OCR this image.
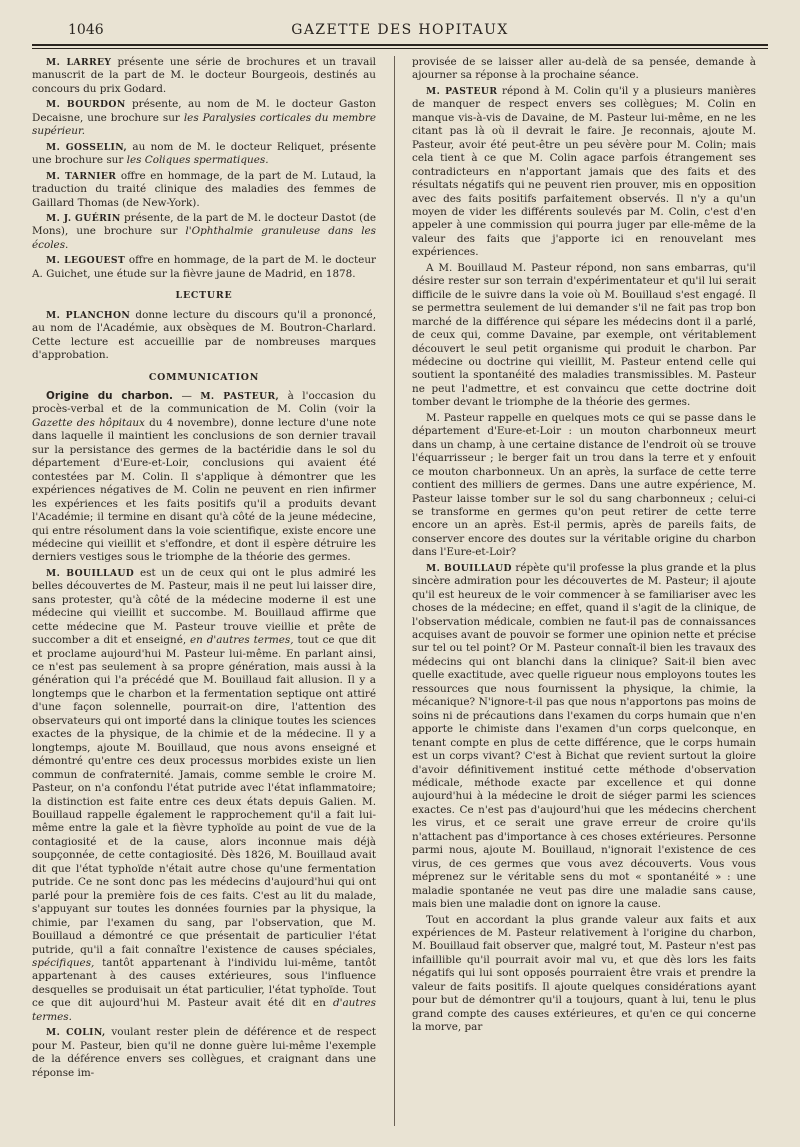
1046	GAZETTE DES HOPITAUX

M. LARREY présente une série de brochures et un travail manuscrit de la part de M. le docteur Bourgeois, destinés au concours du prix Godard.

M. BOURDON présente, au nom de M. le docteur Gaston Decaisne, une brochure sur les Paralysies corticales du membre supérieur.

M. GOSSELIN, au nom de M. le docteur Reliquet, présente une brochure sur les Coliques spermatiques.

M. TARNIER offre en hommage, de la part de M. Lutaud, la traduction du traité clinique des maladies des femmes de Gaillard Thomas (de New-York).

M. J. GUÉRIN présente, de la part de M. le docteur Dastot (de Mons), une brochure sur l'Ophthalmie granuleuse dans les écoles.

M. LEGOUEST offre en hommage, de la part de M. le docteur A. Guichet, une étude sur la fièvre jaune de Madrid, en 1878.

LECTURE

M. PLANCHON donne lecture du discours qu'il a prononcé, au nom de l'Académie, aux obsèques de M. Boutron-Charlard. Cette lecture est accueillie par de nombreuses marques d'approbation.

COMMUNICATION

Origine du charbon. — M. PASTEUR, à l'occasion du procès-verbal et de la communication de M. Colin (voir la Gazette des hôpitaux du 4 novembre), donne lecture d'une note dans laquelle il maintient les conclusions de son dernier travail sur la persistance des germes de la bactéridie dans le sol du département d'Eure-et-Loir, conclusions qui avaient été contestées par M. Colin. Il s'applique à démontrer que les expériences négatives de M. Colin ne peuvent en rien infirmer les expériences et les faits positifs qu'il a produits devant l'Académie; il termine en disant qu'à côté de la jeune médecine, qui entre résolument dans la voie scientifique, existe encore une médecine qui vieillit et s'effondre, et dont il espère détruire les derniers vestiges sous le triomphe de la théorie des germes.

M. BOUILLAUD est un de ceux qui ont le plus admiré les belles découvertes de M. Pasteur, mais il ne peut lui laisser dire, sans protester, qu'à côté de la médecine moderne il est une médecine qui vieillit et succombe. M. Bouillaud affirme que cette médecine que M. Pasteur trouve vieillie et prête de succomber a dit et enseigné, en d'autres termes, tout ce que dit et proclame aujourd'hui M. Pasteur lui-même. En parlant ainsi, ce n'est pas seulement à sa propre génération, mais aussi à la génération qui l'a précédé que M. Bouillaud fait allusion. Il y a longtemps que le charbon et la fermentation septique ont attiré d'une façon solennelle, pourrait-on dire, l'attention des observateurs qui ont importé dans la clinique toutes les sciences exactes de la physique, de la chimie et de la médecine. Il y a longtemps, ajoute M. Bouillaud, que nous avons enseigné et démontré qu'entre ces deux processus morbides existe un lien commun de confraternité. Jamais, comme semble le croire M. Pasteur, on n'a confondu l'état putride avec l'état inflammatoire; la distinction est faite entre ces deux états depuis Galien. M. Bouillaud rappelle également le rapprochement qu'il a fait lui-même entre la gale et la fièvre typhoïde au point de vue de la contagiosité et de la cause, alors inconnue mais déjà soupçonnée, de cette contagiosité. Dès 1826, M. Bouillaud avait dit que l'état typhoïde n'était autre chose qu'une fermentation putride. Ce ne sont donc pas les médecins d'aujourd'hui qui ont parlé pour la première fois de ces faits. C'est au lit du malade, s'appuyant sur toutes les données fournies par la physique, la chimie, par l'examen du sang, par l'observation, que M. Bouillaud a démontré ce que présentait de particulier l'état putride, qu'il a fait connaître l'existence de causes spéciales, spécifiques, tantôt appartenant à l'individu lui-même, tantôt appartenant à des causes extérieures, sous l'influence desquelles se produisait un état particulier, l'état typhoïde. Tout ce que dit aujourd'hui M. Pasteur avait été dit en d'autres termes.

M. COLIN, voulant rester plein de déférence et de respect pour M. Pasteur, bien qu'il ne donne guère lui-même l'exemple de la déférence envers ses collègues, et craignant dans une réponse im-

provisée de se laisser aller au-delà de sa pensée, demande à ajourner sa réponse à la prochaine séance.

M. PASTEUR répond à M. Colin qu'il y a plusieurs manières de manquer de respect envers ses collègues; M. Colin en manque vis-à-vis de Davaine, de M. Pasteur lui-même, en ne les citant pas là où il devrait le faire. Je reconnais, ajoute M. Pasteur, avoir été peut-être un peu sévère pour M. Colin; mais cela tient à ce que M. Colin agace parfois étrangement ses contradicteurs en n'apportant jamais que des faits et des résultats négatifs qui ne peuvent rien prouver, mis en opposition avec des faits positifs parfaitement observés. Il n'y a qu'un moyen de vider les différents soulevés par M. Colin, c'est d'en appeler à une commission qui pourra juger par elle-même de la valeur des faits que j'apporte ici en renouvelant mes expériences.

A M. Bouillaud M. Pasteur répond, non sans embarras, qu'il désire rester sur son terrain d'expérimentateur et qu'il lui serait difficile de le suivre dans la voie où M. Bouillaud s'est engagé. Il se permettra seulement de lui demander s'il ne fait pas trop bon marché de la différence qui sépare les médecins dont il a parlé, de ceux qui, comme Davaine, par exemple, ont véritablement découvert le seul petit organisme qui produit le charbon. Par médecine ou doctrine qui vieillit, M. Pasteur entend celle qui soutient la spontanéité des maladies transmissibles. M. Pasteur ne peut l'admettre, et est convaincu que cette doctrine doit tomber devant le triomphe de la théorie des germes.

M. Pasteur rappelle en quelques mots ce qui se passe dans le département d'Eure-et-Loir : un mouton charbonneux meurt dans un champ, à une certaine distance de l'endroit où se trouve l'équarrisseur ; le berger fait un trou dans la terre et y enfouit ce mouton charbonneux. Un an après, la surface de cette terre contient des milliers de germes. Dans une autre expérience, M. Pasteur laisse tomber sur le sol du sang charbonneux ; celui-ci se transforme en germes qu'on peut retirer de cette terre encore un an après. Est-il permis, après de pareils faits, de conserver encore des doutes sur la véritable origine du charbon dans l'Eure-et-Loir?

M. BOUILLAUD répète qu'il professe la plus grande et la plus sincère admiration pour les découvertes de M. Pasteur; il ajoute qu'il est heureux de le voir commencer à se familiariser avec les choses de la médecine; en effet, quand il s'agit de la clinique, de l'observation médicale, combien ne faut-il pas de connaissances acquises avant de pouvoir se former une opinion nette et précise sur tel ou tel point? Or M. Pasteur connaît-il bien les travaux des médecins qui ont blanchi dans la clinique? Sait-il bien avec quelle exactitude, avec quelle rigueur nous employons toutes les ressources que nous fournissent la physique, la chimie, la mécanique? N'ignore-t-il pas que nous n'apportons pas moins de soins ni de précautions dans l'examen du corps humain que n'en apporte le chimiste dans l'examen d'un corps quelconque, en tenant compte en plus de cette différence, que le corps humain est un corps vivant? C'est à Bichat que revient surtout la gloire d'avoir définitivement institué cette méthode d'observation médicale, méthode exacte par excellence et qui donne aujourd'hui à la médecine le droit de siéger parmi les sciences exactes. Ce n'est pas d'aujourd'hui que les médecins cherchent les virus, et ce serait une grave erreur de croire qu'ils n'attachent pas d'importance à ces choses extérieures. Personne parmi nous, ajoute M. Bouillaud, n'ignorait l'existence de ces virus, de ces germes que vous avez découverts. Vous vous méprenez sur le véritable sens du mot « spontanéité » : une maladie spontanée ne veut pas dire une maladie sans cause, mais bien une maladie dont on ignore la cause.

Tout en accordant la plus grande valeur aux faits et aux expériences de M. Pasteur relativement à l'origine du charbon, M. Bouillaud fait observer que, malgré tout, M. Pasteur n'est pas infaillible qu'il pourrait avoir mal vu, et que dès lors les faits négatifs qui lui sont opposés pourraient être vrais et prendre la valeur de faits positifs. Il ajoute quelques considérations ayant pour but de démontrer qu'il a toujours, quant à lui, tenu le plus grand compte des causes extérieures, et qu'en ce qui concerne la morve, par
